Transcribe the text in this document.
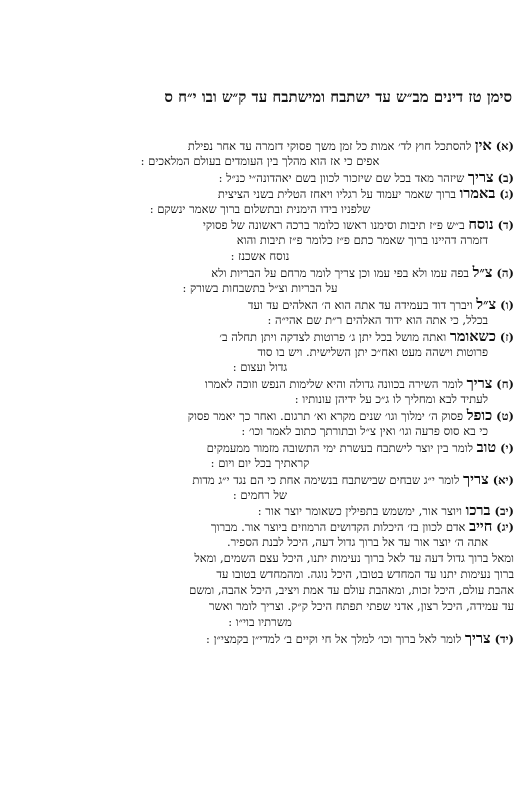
סימן טז דינים מב״ש עד ישתבח ומישתבח עד ק״ש ובו י״ח ס
(א) אין להסתכל חוץ לד׳ אמות כל זמן משך פסוקי דזמרה עד אחר נפילת
אפים כי אז הוא מהלך בין העומדים בעולם המלאכים :
(ב) צריך שיזהר מאד בכל שם שיזכור לכוון בשם יאהדונה״י כנ״ל :
(ג) באמרו ברוך שאמר יעמוד על רגליו ויאחז הטלית בשני הציצית
שלפניו בידו הימנית ובתשלום ברוך שאמר ינשקם :
(ד) נוסח ב״ש פ״ז תיבות וסימנו ראשו כלומר ברכה ראשונה של פסוקי
דזמרה דהיינו ברוך שאמר כתם פ״ז כלומר פ״ז תיבות והוא
נוסח אשכנז :
(ה) צ״ל בפה עמו ולא בפי עמו וכן צריך לומר מרחם על הבריות ולא
על הבריות וצ״ל בתשבחות בשורק :
(ו) צ״ל ויברך דוד בעמידה עד אתה הוא ה׳ האלהים עד ועד
בכלל, כי אתה הוא ידוד האלהים ר״ת שם אהי״ה :
(ז) כשאומר ואתה מושל בכל יתן ג׳ פרוטות לצדקה ויתן תחלה ב׳
פרוטות וישהה מעט ואח״כ יתן השלישית. ויש בו סוד
גדול ועצום :
(ח) צריך לומר השירה בכוונה גדולה והיא שלימות הנפש וזוכה לאמרו
לעתיד לבא ומחליך לו ג״כ על ידיהן עונותיו :
(ט) כופל פסוק ה׳ ימלוך וגו׳ שנים מקרא וא׳ תרגום. ואחר כך יאמר פסוק
כי בא סוס פרעה וגו׳ ואין צ״ל ובתורתך כתוב לאמר וכו׳ :
(י) טוב לומר בין יוצר לישתבח בעשרת ימי התשובה מזמור ממעמקים
קראתיך בכל יום ויום :
(יא) צריך לומר י״ג שבחים שבישתבח בנשימה אחת כי הם נגד י״ג מדות
של רחמים :
(יב) ברכו ויוצר אור, ימשמש בתפילין כשאומר יוצר אור :
(יג) חייב אדם לכוון בז׳ היכלות הקדושים הרמוזים ביוצר אור. מברוך
אתה ה׳ יוצר אור עד אל ברוך גדול דעה, היכל לבנת הספיר.
ומאל ברוך גדול דעה עד לאל ברוך נעימות יתנו, היכל עצם השמים, ומאל
ברוך נעימות יתנו עד המחדש בטובו, היכל נוגה. ומהמחדש בטובו עד
אהבת עולם, היכל זכות, ומאהבת עולם עד אמת ויציב, היכל אהבה, ומשם
עד עמידה, היכל רצון, אדני שפתי תפתח היכל ק״ק. וצריך לומר ואשר
משרתיו בוי״ו :
(יד) צריך לומר לאל ברוך וכו׳ למלך אל חי וקיים ב׳ למדי״ן בקמצי״ן :
